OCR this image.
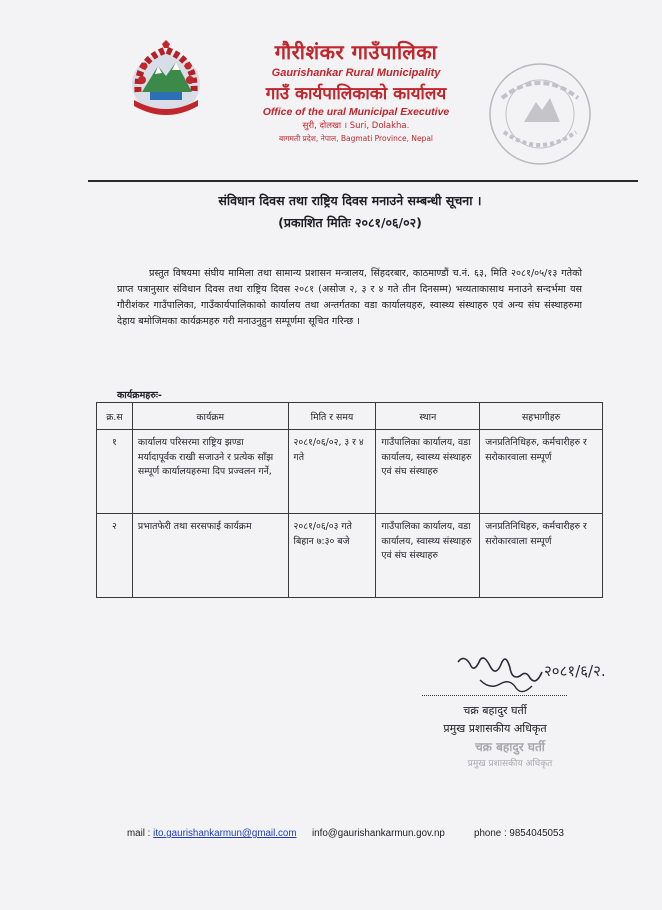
गौरीशंकर गाउँपालिका
Gaurishankar Rural Municipality
गाउँ कार्यपालिकाको कार्यालय
Office of the ural Municipal Executive
सुरी, दोलखा । Suri, Dolakha.
बागमती प्रदेश, नेपाल, Bagmati Province, Nepal
संविधान दिवस तथा राष्ट्रिय दिवस मनाउने सम्बन्धी सूचना ।
(प्रकाशित मितिः २०८१/०६/०२)
प्रस्तुत विषयमा संघीय मामिला तथा सामान्य प्रशासन मन्त्रालय, सिंहदरबार, काठमाण्डौं च.नं. ६३, मिति २०८१/०५/१३ गतेको प्राप्त पत्रानुसार संविधान दिवस तथा राष्ट्रिय दिवस २०८१ (असोज २, ३ र ४ गते तीन दिनसम्म) भव्यताकासाथ मनाउने सन्दर्भमा यस गौरीशंकर गाउँपालिका, गाउँकार्यपालिकाको कार्यालय तथा अन्तर्गतका वडा कार्यालयहरु, स्वास्थ्य संस्थाहरु एवं अन्य संघ संस्थाहरुमा देहाय बमोजिमका कार्यक्रमहरु गरी मनाउनुहुन सम्पूर्णमा सूचित गरिन्छ ।
कार्यक्रमहरुः-
क्र.स	कार्यक्रम	मिति र समय	स्थान	सहभागीहरु
१	कार्यालय परिसरमा राष्ट्रिय झण्डा मर्यादापूर्वक राखी सजाउने र प्रत्येक साँझ सम्पूर्ण कार्यालयहरुमा दिप प्रज्वलन गर्ने,	२०८१/०६/०२, ३ र ४ गते	गाउँपालिका कार्यालय, वडा कार्यालय, स्वास्थ्य संस्थाहरु एवं संघ संस्थाहरु	जनप्रतिनिधिहरु, कर्मचारीहरु र सरोकारवाला सम्पूर्ण
२	प्रभातफेरी तथा सरसफाई कार्यक्रम	२०८१/०६/०३ गते बिहान ७:३० बजे	गाउँपालिका कार्यालय, वडा कार्यालय, स्वास्थ्य संस्थाहरु एवं संघ संस्थाहरु	जनप्रतिनिधिहरु, कर्मचारीहरु र सरोकारवाला सम्पूर्ण
२०८१/६/२.
चक्र बहादुर घर्ती
प्रमुख प्रशासकीय अधिकृत
चक्र बहादुर घर्ती
प्रमुख प्रशासकीय अधिकृत
mail : ito.gaurishankarmun@gmail.com info@gaurishankarmun.gov.np	phone : 9854045053
